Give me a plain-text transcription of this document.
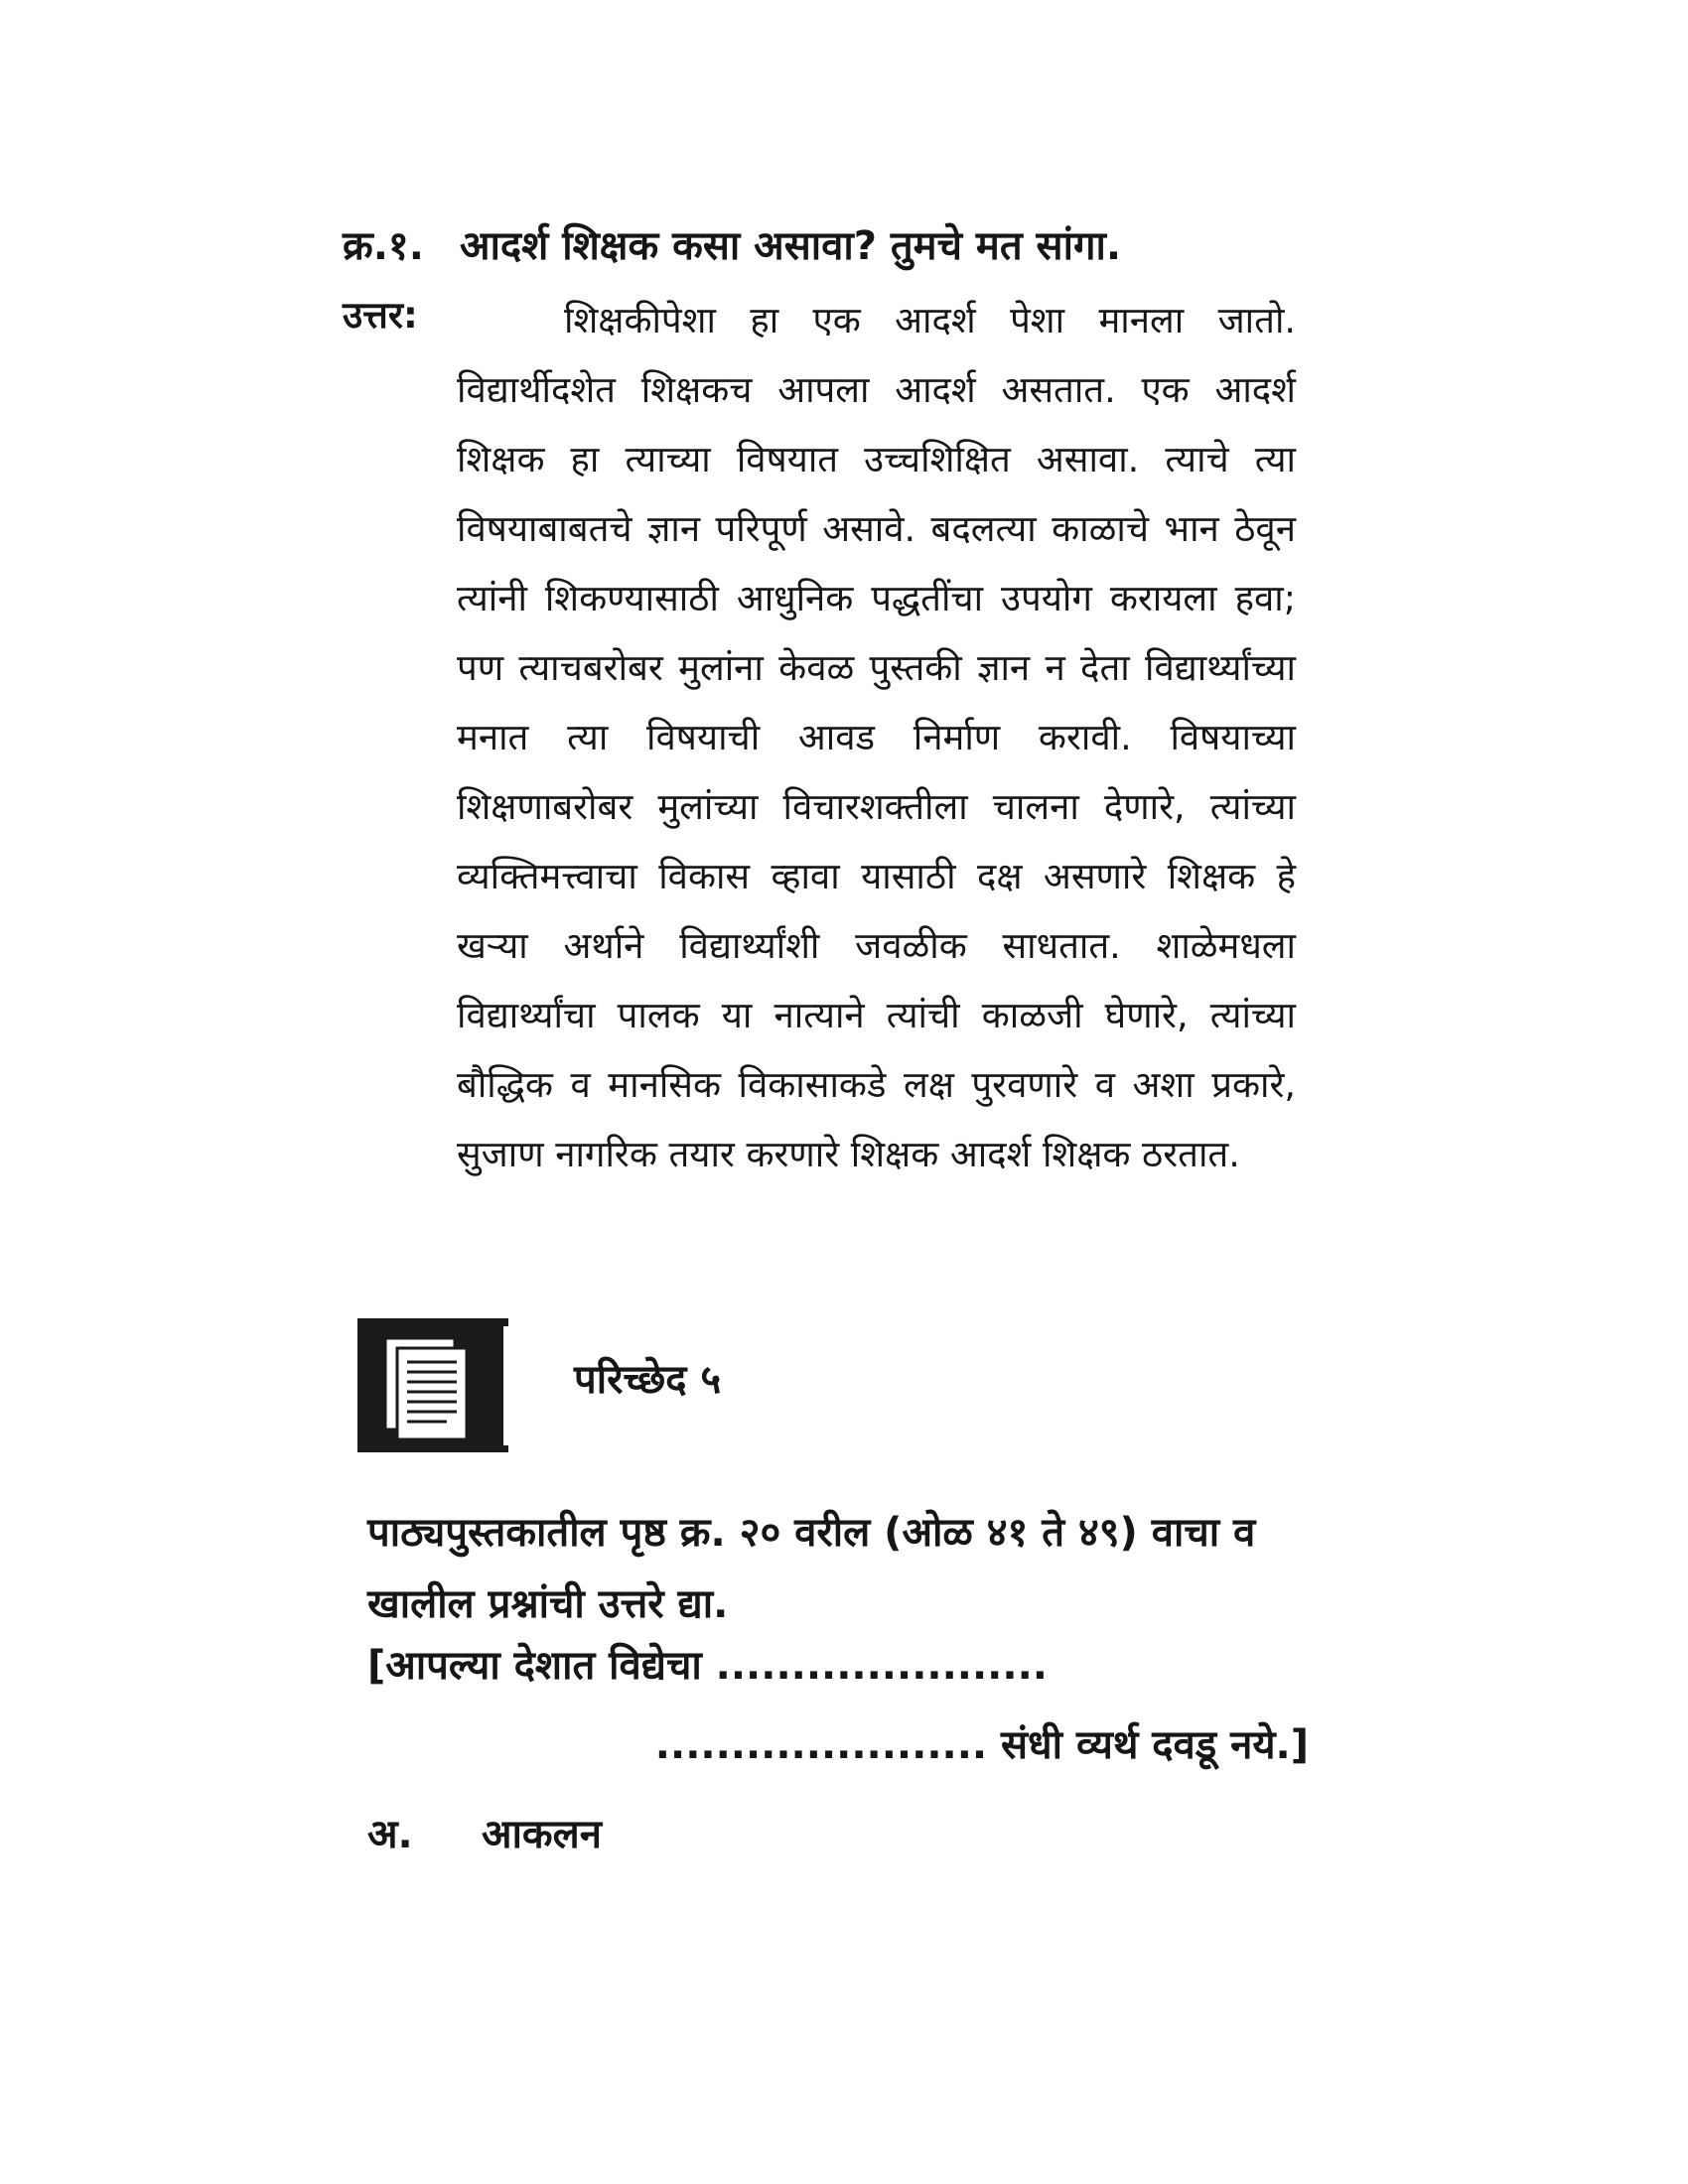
क्र.१. आदर्श शिक्षक कसा असावा? तुमचे मत सांगा.
उत्तर:	शिक्षकीपेशा हा एक आदर्श पेशा मानला जातो. विद्यार्थीदशेत शिक्षकच आपला आदर्श असतात. एक आदर्श शिक्षक हा त्याच्या विषयात उच्चशिक्षित असावा. त्याचे त्या विषयाबाबतचे ज्ञान परिपूर्ण असावे. बदलत्या काळाचे भान ठेवून त्यांनी शिकण्यासाठी आधुनिक पद्धतींचा उपयोग करायला हवा; पण त्याचबरोबर मुलांना केवळ पुस्तकी ज्ञान न देता विद्यार्थ्यांच्या मनात त्या विषयाची आवड निर्माण करावी. विषयाच्या शिक्षणाबरोबर मुलांच्या विचारशक्तीला चालना देणारे, त्यांच्या व्यक्तिमत्त्वाचा विकास व्हावा यासाठी दक्ष असणारे शिक्षक हे खऱ्या अर्थाने विद्यार्थ्यांशी जवळीक साधतात. शाळेमधला विद्यार्थ्यांचा पालक या नात्याने त्यांची काळजी घेणारे, त्यांच्या बौद्धिक व मानसिक विकासाकडे लक्ष पुरवणारे व अशा प्रकारे, सुजाण नागरिक तयार करणारे शिक्षक आदर्श शिक्षक ठरतात.
परिच्छेद ५
पाठ्यपुस्तकातील पृष्ठ क्र. २० वरील (ओळ ४१ ते ४९) वाचा व खालील प्रश्नांची उत्तरे द्या.
[आपल्या देशात विद्येचा ......................
...................... संधी व्यर्थ दवडू नये.]
अ. आकलन
